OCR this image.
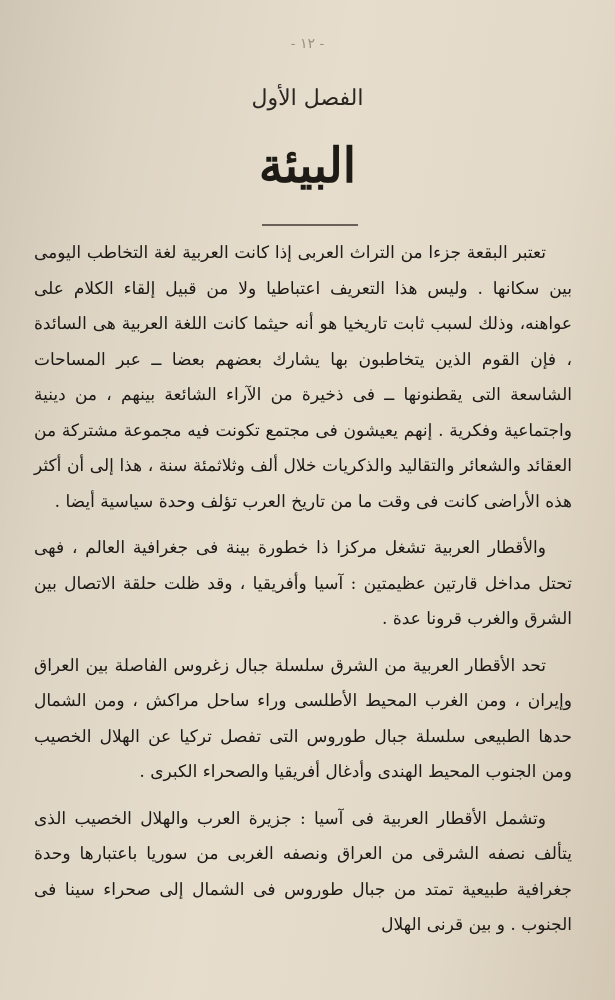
- ١٢ -
الفصل الأول
البيئة

تعتبر البقعة جزءا من التراث العربى إذا كانت العربية لغة التخاطب اليومى بين سكانها . وليس هذا التعريف اعتباطيا ولا من قبيل إلقاء الكلام على عواهنه، وذلك لسبب ثابت تاريخيا هو أنه حيثما كانت اللغة العربية هى السائدة ، فإن القوم الذين يتخاطبون بها يشارك بعضهم بعضا ــ عبر المساحات الشاسعة التى يقطنونها ــ فى ذخيرة من الآراء الشائعة بينهم ، من دينية واجتماعية وفكرية . إنهم يعيشون فى مجتمع تكونت فيه مجموعة مشتركة من العقائد والشعائر والتقاليد والذكريات خلال ألف وثلاثمئة سنة ، هذا إلى أن أكثر هذه الأراضى كانت فى وقت ما من تاريخ العرب تؤلف وحدة سياسية أيضا .

والأقطار العربية تشغل مركزا ذا خطورة بينة فى جغرافية العالم ، فهى تحتل مداخل قارتين عظيمتين : آسيا وأفريقيا ، وقد ظلت حلقة الاتصال بين الشرق والغرب قرونا عدة .

تحد الأقطار العربية من الشرق سلسلة جبال زغروس الفاصلة بين العراق وإيران ، ومن الغرب المحيط الأطلسى وراء ساحل مراكش ، ومن الشمال حدها الطبيعى سلسلة جبال طوروس التى تفصل تركيا عن الهلال الخصيب ومن الجنوب المحيط الهندى وأدغال أفريقيا والصحراء الكبرى .

وتشمل الأقطار العربية فى آسيا : جزيرة العرب والهلال الخصيب الذى يتألف نصفه الشرقى من العراق ونصفه الغربى من سوريا باعتبارها وحدة جغرافية طبيعية تمتد من جبال طوروس فى الشمال إلى صحراء سينا فى الجنوب . و بين قرنى الهلال
